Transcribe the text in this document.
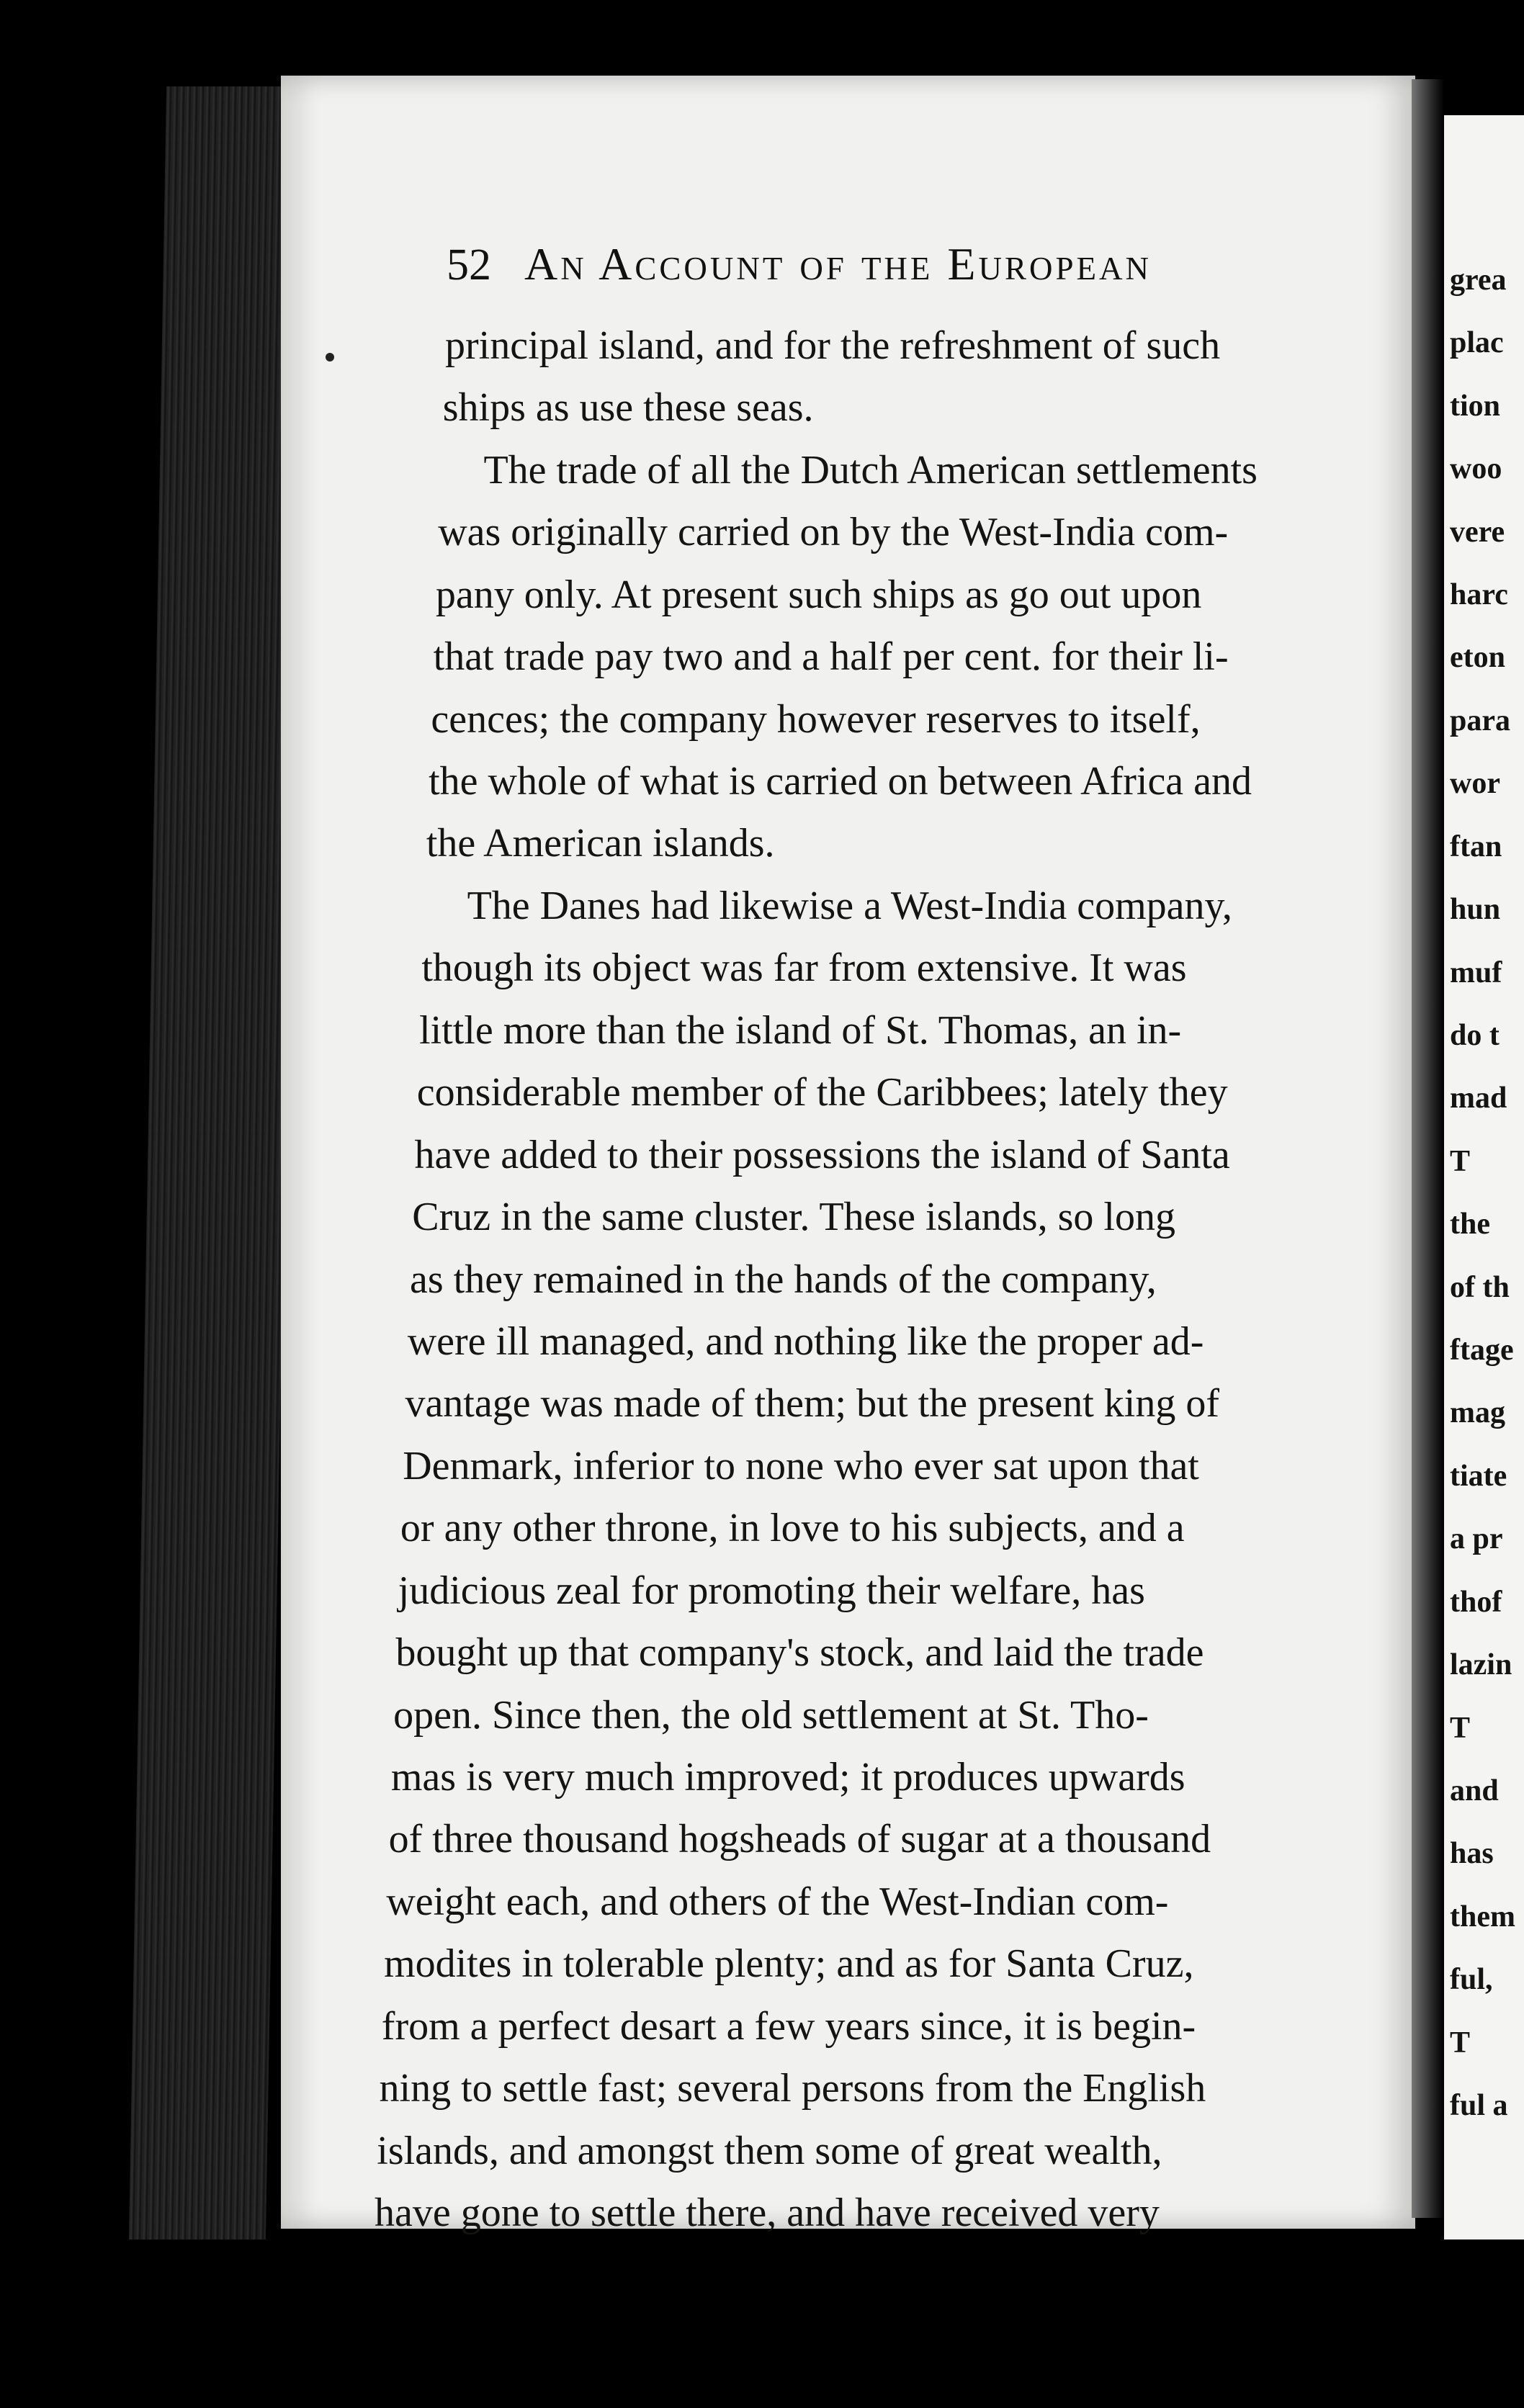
grea
plac
tion
woo
vere
harc
eton
para
wor
ftan
hun
muf
do t
mad
T
the
of th
ftage
mag
tiate
a pr
thof
lazin
T
and
has
them
ful,
T
ful a
52 An Account of the European
principal island, and for the refreshment of such
ships as use these seas.
The trade of all the Dutch American settlements
was originally carried on by the West-India com-
pany only. At present such ships as go out upon
that trade pay two and a half per cent. for their li-
cences; the company however reserves to itself,
the whole of what is carried on between Africa and
the American islands.
The Danes had likewise a West-India company,
though its object was far from extensive. It was
little more than the island of St. Thomas, an in-
considerable member of the Caribbees; lately they
have added to their possessions the island of Santa
Cruz in the same cluster. These islands, so long
as they remained in the hands of the company,
were ill managed, and nothing like the proper ad-
vantage was made of them; but the present king of
Denmark, inferior to none who ever sat upon that
or any other throne, in love to his subjects, and a
judicious zeal for promoting their welfare, has
bought up that company's stock, and laid the trade
open. Since then, the old settlement at St. Tho-
mas is very much improved; it produces upwards
of three thousand hogsheads of sugar at a thousand
weight each, and others of the West-Indian com-
modites in tolerable plenty; and as for Santa Cruz,
from a perfect desart a few years since, it is begin-
ning to settle fast; several persons from the English
islands, and amongst them some of great wealth,
have gone to settle there, and have received very
